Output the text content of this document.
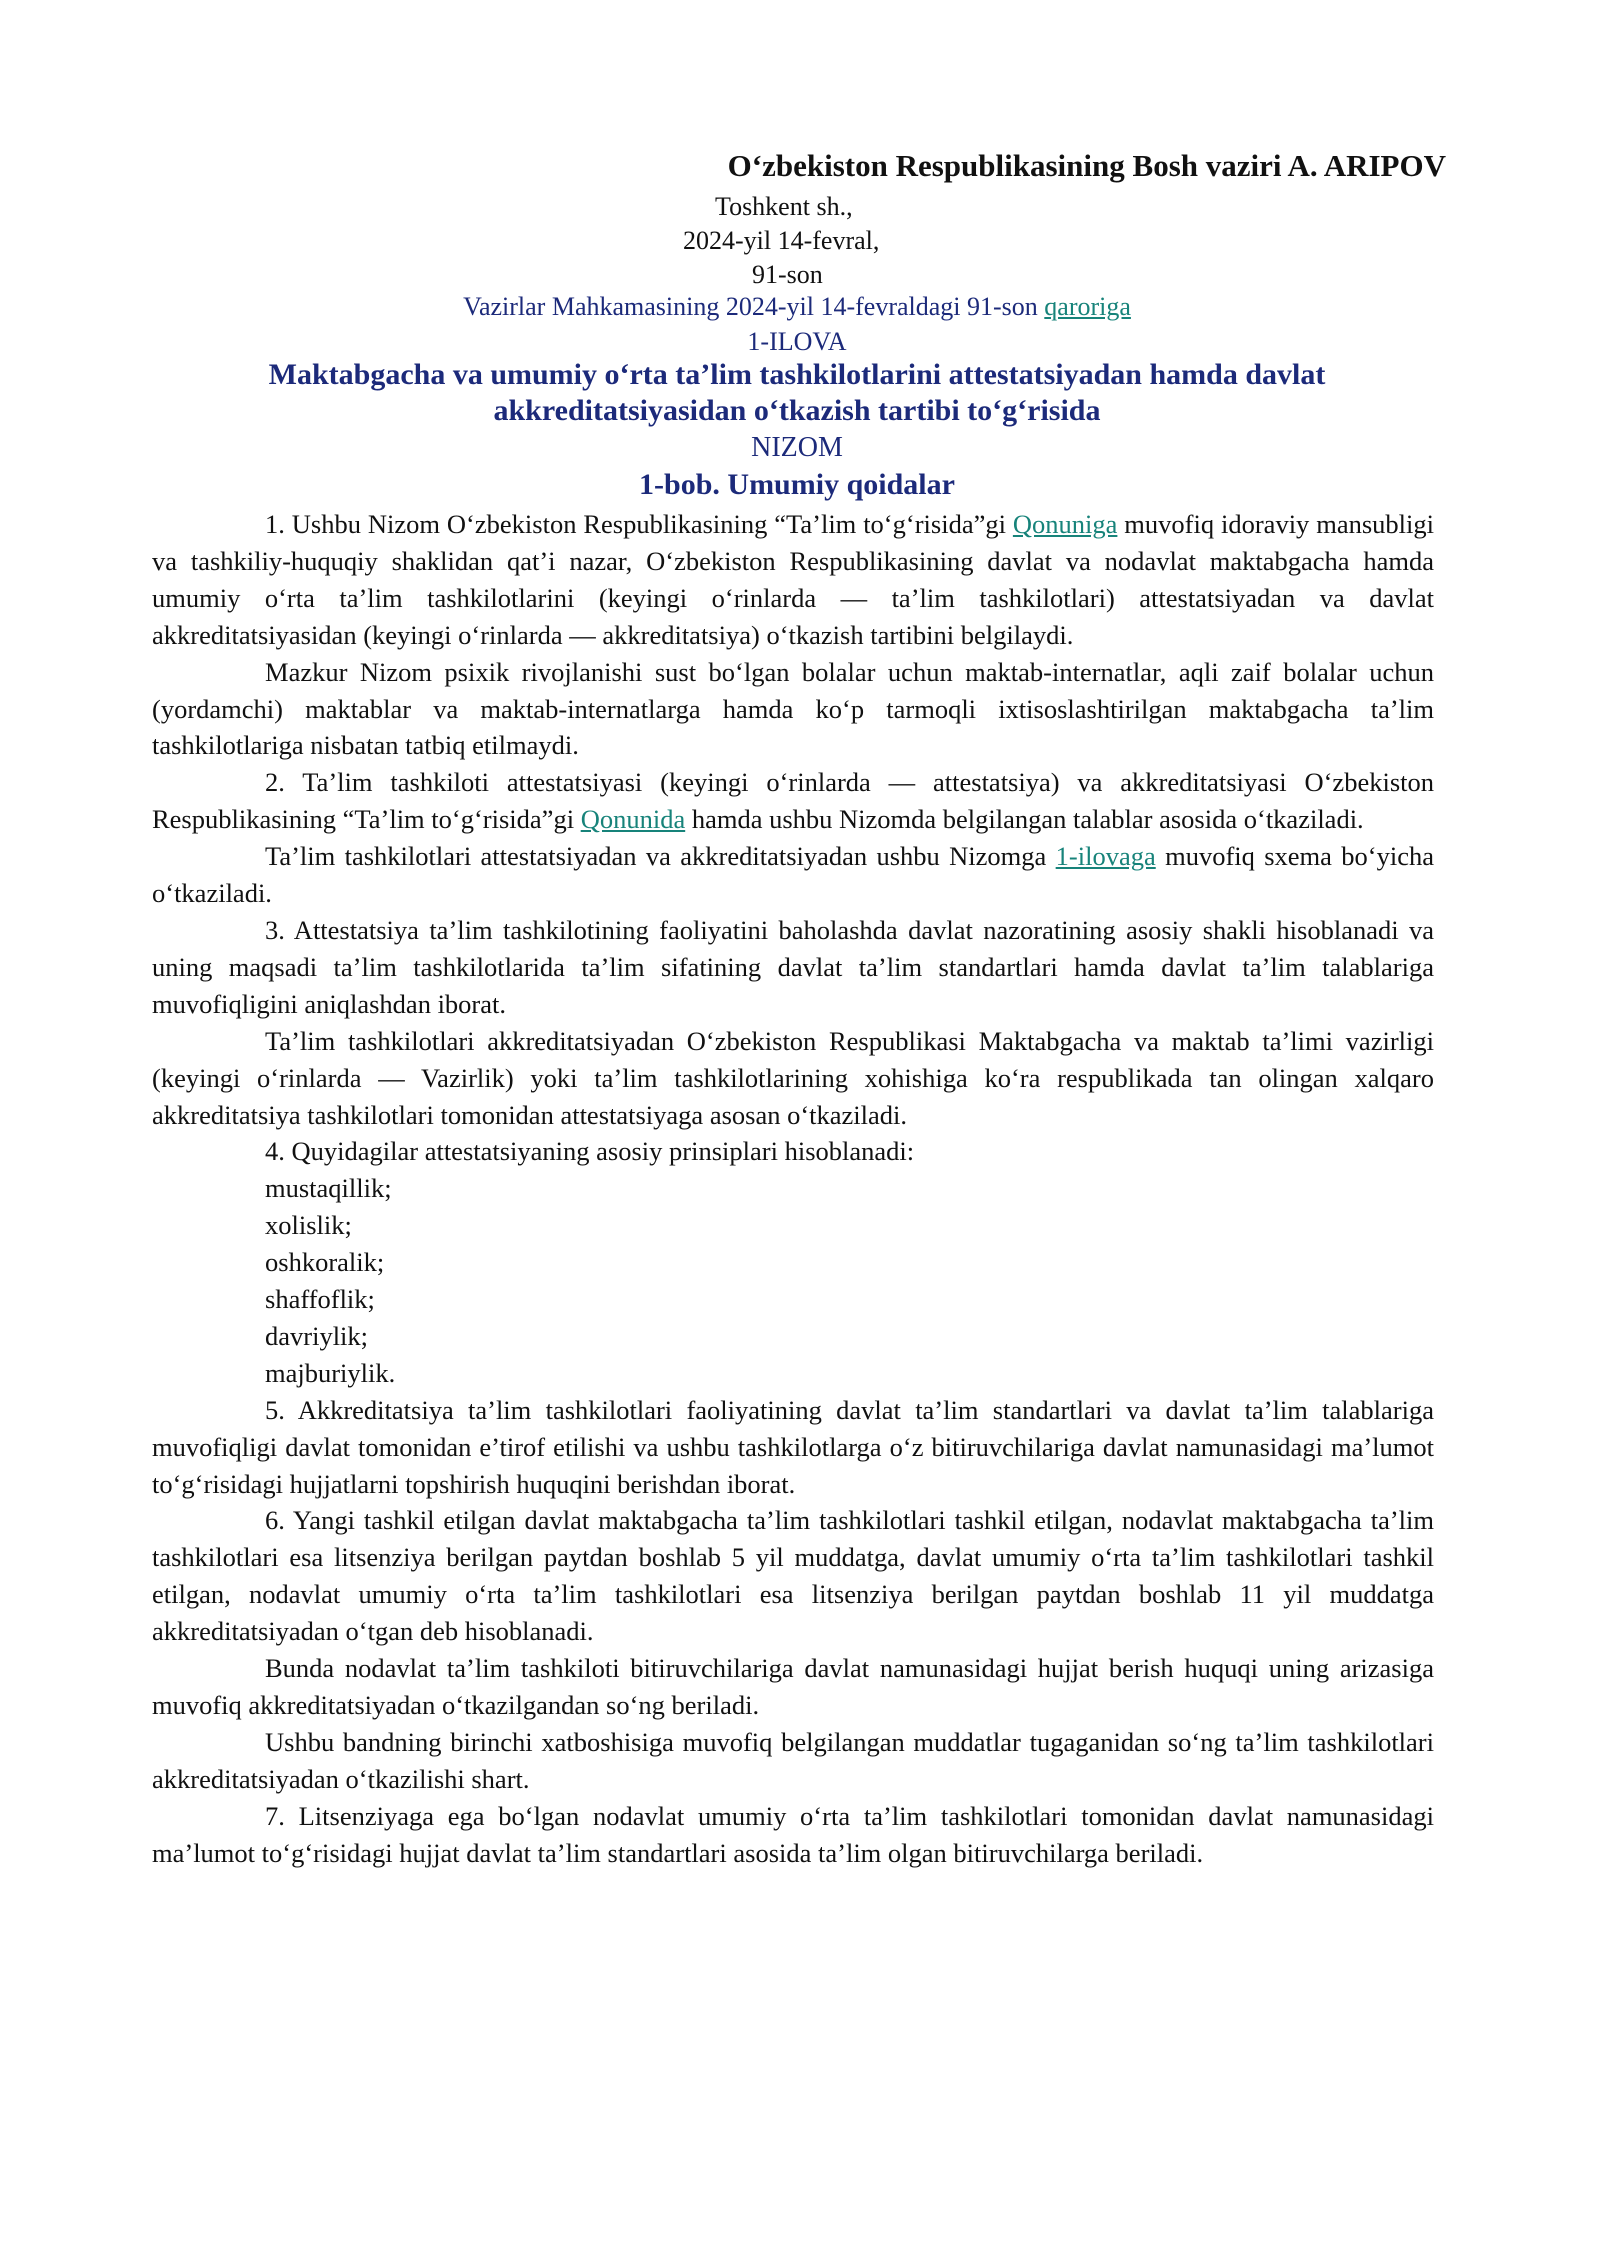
O‘zbekiston Respublikasining Bosh vaziri A. ARIPOV
Toshkent sh.,
2024-yil 14-fevral,
91-son
Vazirlar Mahkamasining 2024-yil 14-fevraldagi 91-son qaroriga
1-ILOVA
Maktabgacha va umumiy o‘rta ta’lim tashkilotlarini attestatsiyadan hamda davlat
akkreditatsiyasidan o‘tkazish tartibi to‘g‘risida
NIZOM
1-bob. Umumiy qoidalar

1. Ushbu Nizom O‘zbekiston Respublikasining “Ta’lim to‘g‘risida”gi Qonuniga muvofiq idoraviy mansubligi va tashkiliy-huquqiy shaklidan qat’i nazar, O‘zbekiston Respublikasining davlat va nodavlat maktabgacha hamda umumiy o‘rta ta’lim tashkilotlarini (keyingi o‘rinlarda — ta’lim tashkilotlari) attestatsiyadan va davlat akkreditatsiyasidan (keyingi o‘rinlarda — akkreditatsiya) o‘tkazish tartibini belgilaydi.

Mazkur Nizom psixik rivojlanishi sust bo‘lgan bolalar uchun maktab-internatlar, aqli zaif bolalar uchun (yordamchi) maktablar va maktab-internatlarga hamda ko‘p tarmoqli ixtisoslashtirilgan maktabgacha ta’lim tashkilotlariga nisbatan tatbiq etilmaydi.

2. Ta’lim tashkiloti attestatsiyasi (keyingi o‘rinlarda — attestatsiya) va akkreditatsiyasi O‘zbekiston Respublikasining “Ta’lim to‘g‘risida”gi Qonunida hamda ushbu Nizomda belgilangan talablar asosida o‘tkaziladi.

Ta’lim tashkilotlari attestatsiyadan va akkreditatsiyadan ushbu Nizomga 1-ilovaga muvofiq sxema bo‘yicha o‘tkaziladi.

3. Attestatsiya ta’lim tashkilotining faoliyatini baholashda davlat nazoratining asosiy shakli hisoblanadi va uning maqsadi ta’lim tashkilotlarida ta’lim sifatining davlat ta’lim standartlari hamda davlat ta’lim talablariga muvofiqligini aniqlashdan iborat.

Ta’lim tashkilotlari akkreditatsiyadan O‘zbekiston Respublikasi Maktabgacha va maktab ta’limi vazirligi (keyingi o‘rinlarda — Vazirlik) yoki ta’lim tashkilotlarining xohishiga ko‘ra respublikada tan olingan xalqaro akkreditatsiya tashkilotlari tomonidan attestatsiyaga asosan o‘tkaziladi.

4. Quyidagilar attestatsiyaning asosiy prinsiplari hisoblanadi:

mustaqillik;

xolislik;

oshkoralik;

shaffoflik;

davriylik;

majburiylik.

5. Akkreditatsiya ta’lim tashkilotlari faoliyatining davlat ta’lim standartlari va davlat ta’lim talablariga muvofiqligi davlat tomonidan e’tirof etilishi va ushbu tashkilotlarga o‘z bitiruvchilariga davlat namunasidagi ma’lumot to‘g‘risidagi hujjatlarni topshirish huquqini berishdan iborat.

6. Yangi tashkil etilgan davlat maktabgacha ta’lim tashkilotlari tashkil etilgan, nodavlat maktabgacha ta’lim tashkilotlari esa litsenziya berilgan paytdan boshlab 5 yil muddatga, davlat umumiy o‘rta ta’lim tashkilotlari tashkil etilgan, nodavlat umumiy o‘rta ta’lim tashkilotlari esa litsenziya berilgan paytdan boshlab 11 yil muddatga akkreditatsiyadan o‘tgan deb hisoblanadi.

Bunda nodavlat ta’lim tashkiloti bitiruvchilariga davlat namunasidagi hujjat berish huquqi uning arizasiga muvofiq akkreditatsiyadan o‘tkazilgandan so‘ng beriladi.

Ushbu bandning birinchi xatboshisiga muvofiq belgilangan muddatlar tugaganidan so‘ng ta’lim tashkilotlari akkreditatsiyadan o‘tkazilishi shart.

7. Litsenziyaga ega bo‘lgan nodavlat umumiy o‘rta ta’lim tashkilotlari tomonidan davlat namunasidagi ma’lumot to‘g‘risidagi hujjat davlat ta’lim standartlari asosida ta’lim olgan bitiruvchilarga beriladi.
